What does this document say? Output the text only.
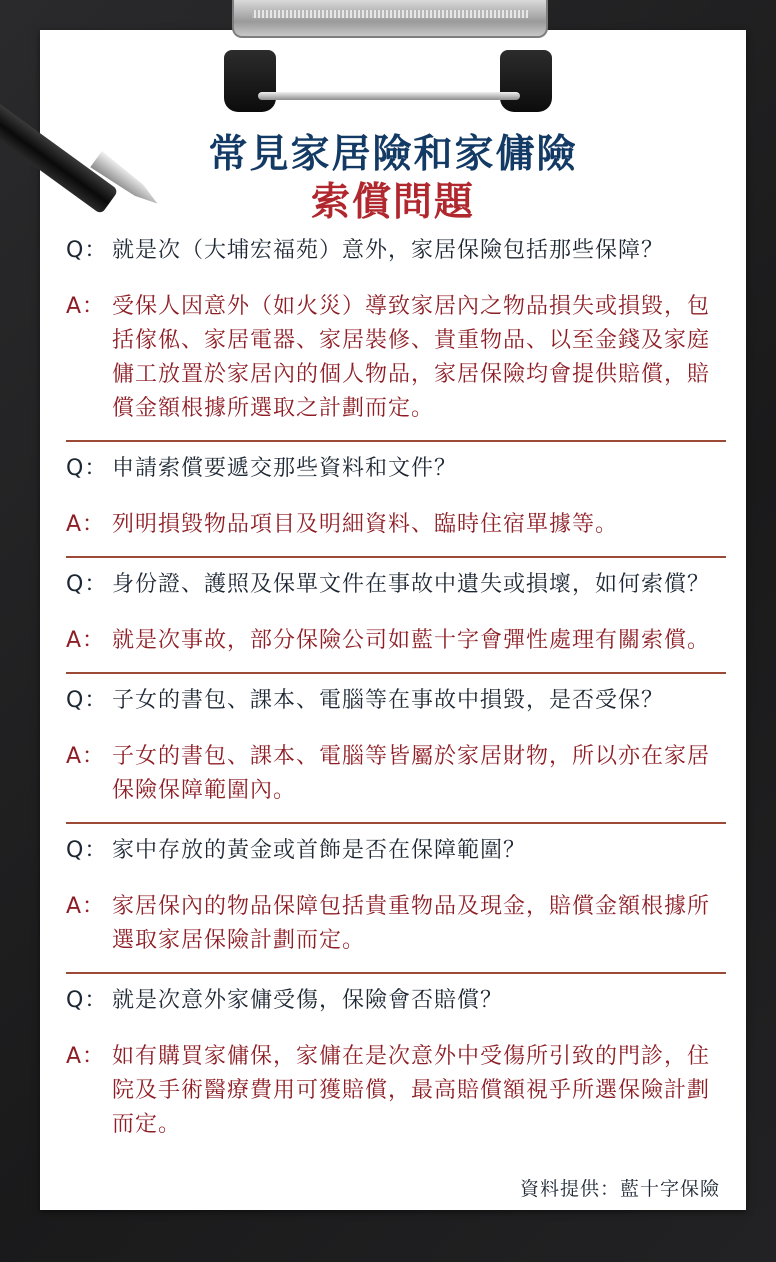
常見家居險和家傭險
索償問題
Q： 就是次（大埔宏福苑）意外，家居保險包括那些保障？
A： 受保人因意外（如火災）導致家居內之物品損失或損毀，包括傢俬、家居電器、家居裝修、貴重物品、以至金錢及家庭傭工放置於家居內的個人物品，家居保險均會提供賠償，賠償金額根據所選取之計劃而定。
Q： 申請索償要遞交那些資料和文件？
A： 列明損毀物品項目及明細資料、臨時住宿單據等。
Q： 身份證、護照及保單文件在事故中遺失或損壞，如何索償？
A： 就是次事故，部分保險公司如藍十字會彈性處理有關索償。
Q： 子女的書包、課本、電腦等在事故中損毀，是否受保？
A： 子女的書包、課本、電腦等皆屬於家居財物，所以亦在家居保險保障範圍內。
Q： 家中存放的黃金或首飾是否在保障範圍？
A： 家居保內的物品保障包括貴重物品及現金，賠償金額根據所選取家居保險計劃而定。
Q： 就是次意外家傭受傷，保險會否賠償？
A： 如有購買家傭保，家傭在是次意外中受傷所引致的門診，住院及手術醫療費用可獲賠償，最高賠償額視乎所選保險計劃而定。
資料提供：藍十字保險
